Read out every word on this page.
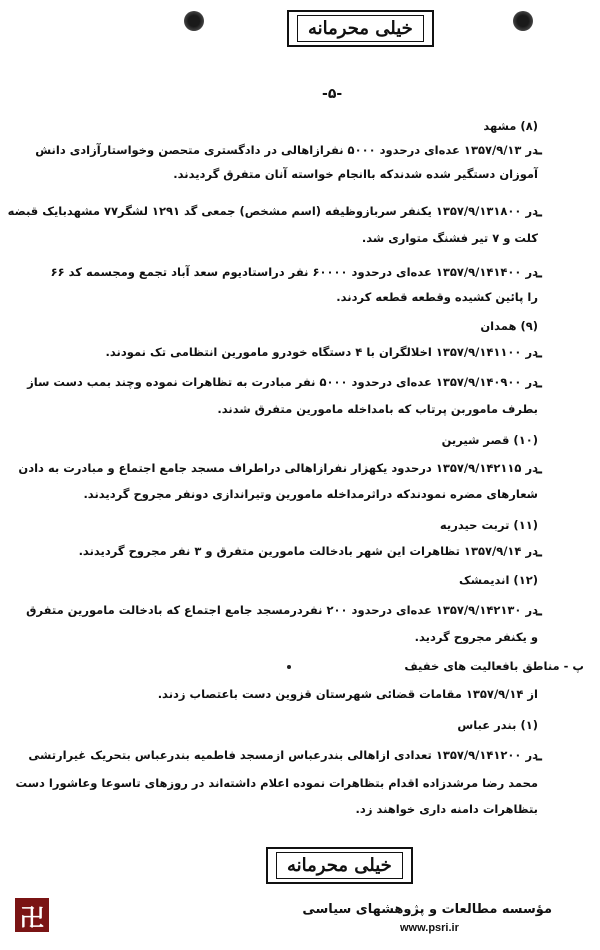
خیلی محرمانه
-۵-
(۸) مشهد
–
در ۱۳۵۷/۹/۱۳ عده‌ای درحدود ۵۰۰۰ نفرازاهالی در دادگستری متحصن وخواستارآزادی دانش
آموزان دستگیر شده شدندکه باانجام خواسته آنان متفرق گردیدند.
–
در ۱۳۵۷/۹/۱۳۱۸۰۰ یکنفر سربازوظیفه (اسم مشخص) جمعی گد ۱۲۹۱ لشگر۷۷ مشهدبایک قبضه
کلت و ۷ تیر فشنگ متواری شد.
–
در ۱۳۵۷/۹/۱۴۱۴۰۰ عده‌ای درحدود ۶۰۰۰۰ نفر دراستادیوم سعد آباد تجمع ومجسمه کد ۶۶
را پائین کشیده وقطعه قطعه کردند.
(۹) همدان
–
در ۱۳۵۷/۹/۱۴۱۱۰۰ اخلالگران با ۴ دستگاه خودرو مامورین انتظامی تک نمودند.
–
در ۱۳۵۷/۹/۱۴۰۹۰۰ عده‌ای درحدود ۵۰۰۰ نفر مبادرت به تظاهرات نموده وچند بمب دست ساز
بطرف ماموربن پرتاب که بامداخله مامورین متفرق شدند.
(۱۰) قصر شیرین
–
در ۱۳۵۷/۹/۱۴۲۱۱۵ درحدود یکهزار نفرازاهالی دراطراف مسجد جامع اجتماع و مبادرت به دادن
شعارهای مضره نمودندکه دراثرمداخله مامورین وتیراندازی دونفر مجروح گردیدند.
(۱۱) تربت حیدریه
–
در ۱۳۵۷/۹/۱۴ تظاهرات این شهر بادخالت مامورین متفرق و ۳ نفر مجروح گردیدند.
(۱۲) اندیمشک
–
در ۱۳۵۷/۹/۱۴۲۱۳۰ عده‌ای درحدود ۲۰۰ نفردرمسجد جامع اجتماع که بادخالت مامورین متفرق
و یکنفر مجروح گردید.
پ - مناطق بافعالیت های خفیف
از ۱۳۵۷/۹/۱۴ مقامات قضائی شهرستان قزوین دست باعتصاب زدند.
(۱) بندر عباس
–
در ۱۳۵۷/۹/۱۴۱۲۰۰ تعدادی ازاهالی بندرعباس ازمسجد فاطمیه بندرعباس بتحریک غیرارتشی
محمد رضا مرشدزاده اقدام بتظاهرات نموده اعلام داشته‌اند در روزهای تاسوعا وعاشورا دست
بتظاهرات دامنه داری خواهند زد.
خیلی محرمانه
卍	مؤسسه مطالعات و پژوهشهای سیاسی
www.psri.ir
